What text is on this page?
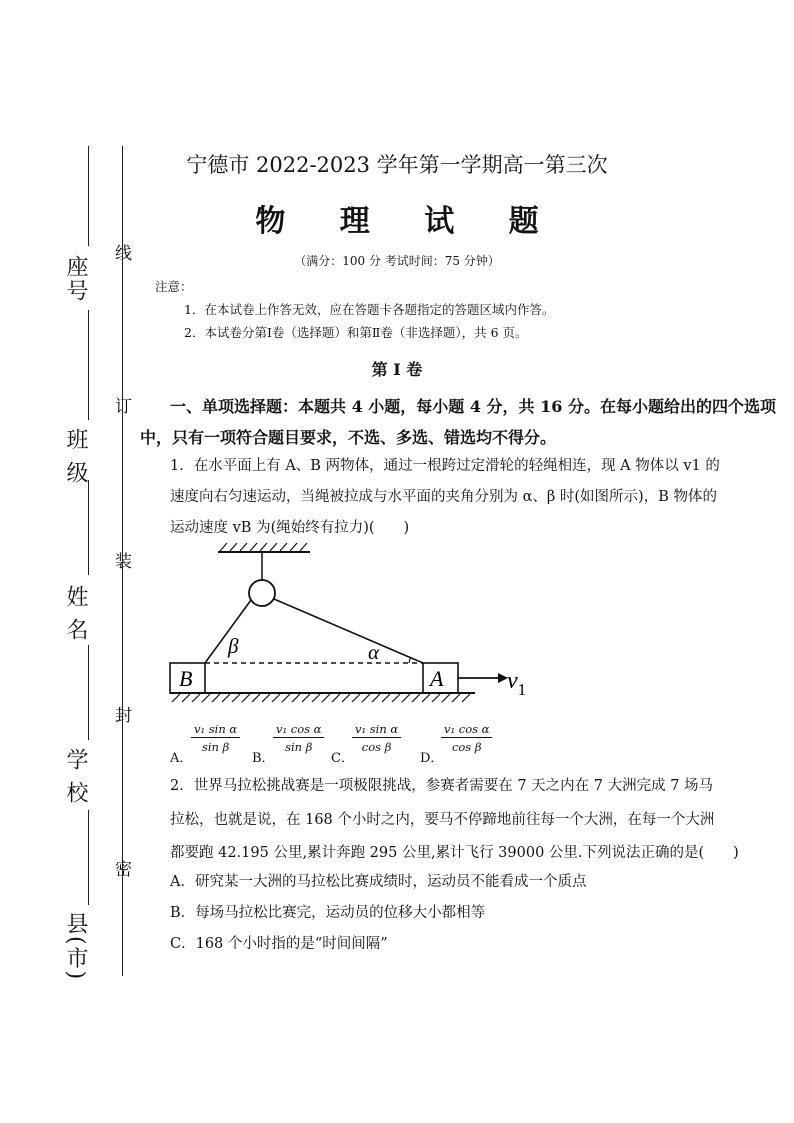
县(市)
学 校
姓 名
班 级
座号
线
订
装
封
密
宁德市 2022-2023 学年第一学期高一第三次
物 理 试 题
（满分：100 分 考试时间：75 分钟）
注意：
1．在本试卷上作答无效，应在答题卡各题指定的答题区域内作答。
2．本试卷分第Ⅰ卷（选择题）和第Ⅱ卷（非选择题），共 6 页。
第 Ⅰ 卷
一、单项选择题：本题共 4 小题，每小题 4 分，共 16 分。在每小题给出的四个选项
中，只有一项符合题目要求，不选、多选、错选均不得分。
1．在水平面上有 A、B 两物体，通过一根跨过定滑轮的轻绳相连，现 A 物体以 v1 的
速度向右匀速运动，当绳被拉成与水平面的夹角分别为 α、β 时(如图所示)，B 物体的
运动速度 vB 为(绳始终有拉力)(　　)
B	A
β	α
$v_1$
A．
$\frac{\text{v₁ sin α}}{\text{sin β}}$
B．
$\frac{\text{v₁ cos α}}{\text{sin β}}$
C．
$\frac{\text{v₁ sin α}}{\text{cos β}}$
D．
$\frac{\text{v₁ cos α}}{\text{cos β}}$
2．世界马拉松挑战赛是一项极限挑战，参赛者需要在 7 天之内在 7 大洲完成 7 场马
拉松，也就是说，在 168 个小时之内，要马不停蹄地前往每一个大洲，在每一个大洲
都要跑 42.195 公里,累计奔跑 295 公里,累计飞行 39000 公里.下列说法正确的是(　　)
A．研究某一大洲的马拉松比赛成绩时，运动员不能看成一个质点
B．每场马拉松比赛完，运动员的位移大小都相等
C．168 个小时指的是“时间间隔”
